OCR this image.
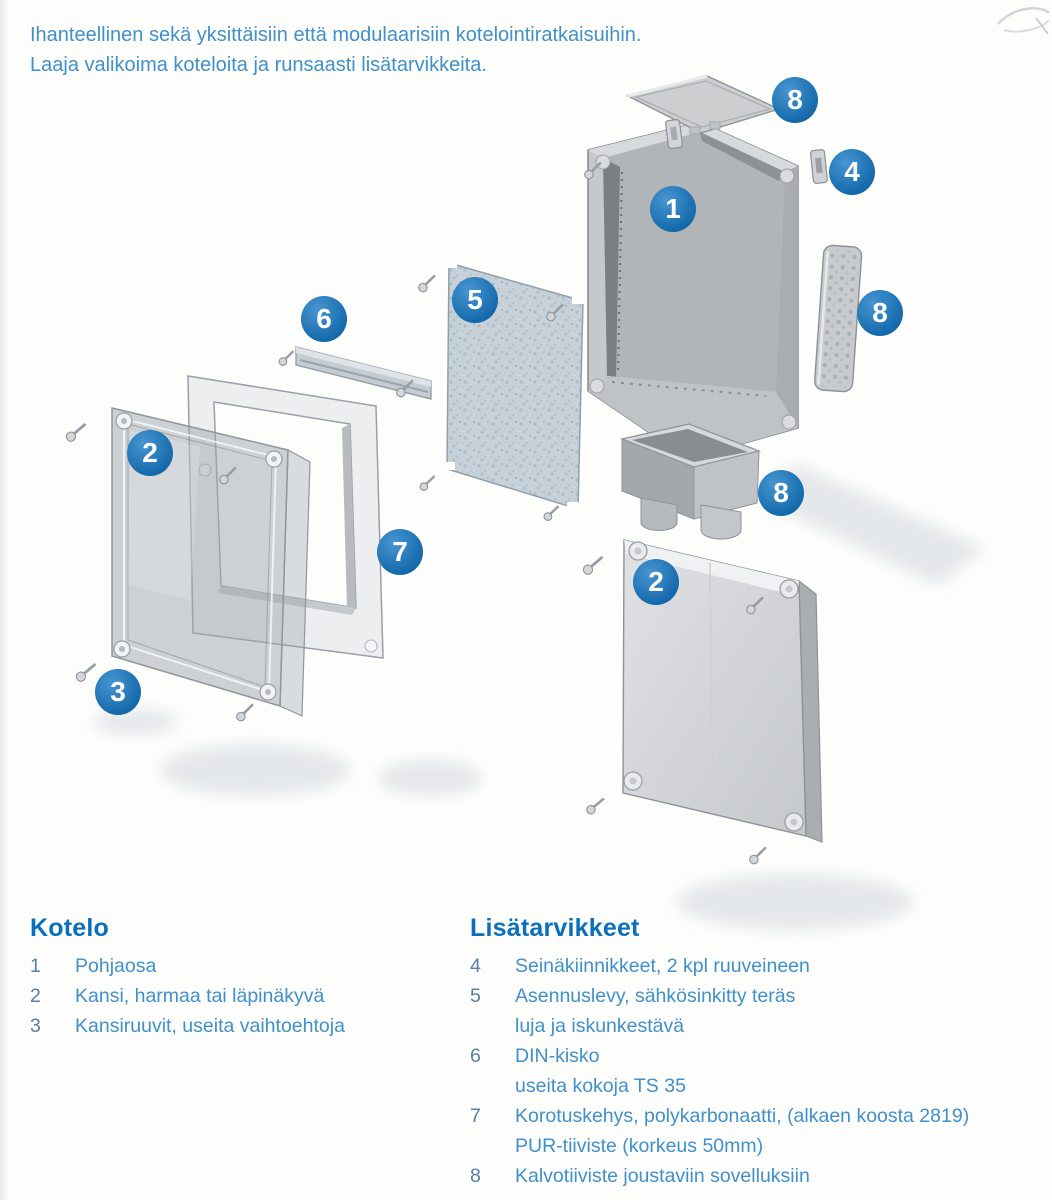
Ihanteellinen sekä yksittäisiin että modulaarisiin kotelointiratkaisuihin.
Laaja valikoima koteloita ja runsaasti lisätarvikkeita.
8
4
1
5
6	8
2
8
7
2
3
Kotelo
1	Pohjaosa
2	Kansi, harmaa tai läpinäkyvä
3	Kansiruuvit, useita vaihtoehtoja
Lisätarvikkeet
4	Seinäkiinnikkeet, 2 kpl ruuveineen
5	Asennuslevy, sähkösinkitty teräs
luja ja iskunkestävä
6	DIN-kisko
useita kokoja TS 35
7	Korotuskehys, polykarbonaatti, (alkaen koosta 2819)
PUR-tiiviste (korkeus 50mm)
8	Kalvotiiviste joustaviin sovelluksiin
